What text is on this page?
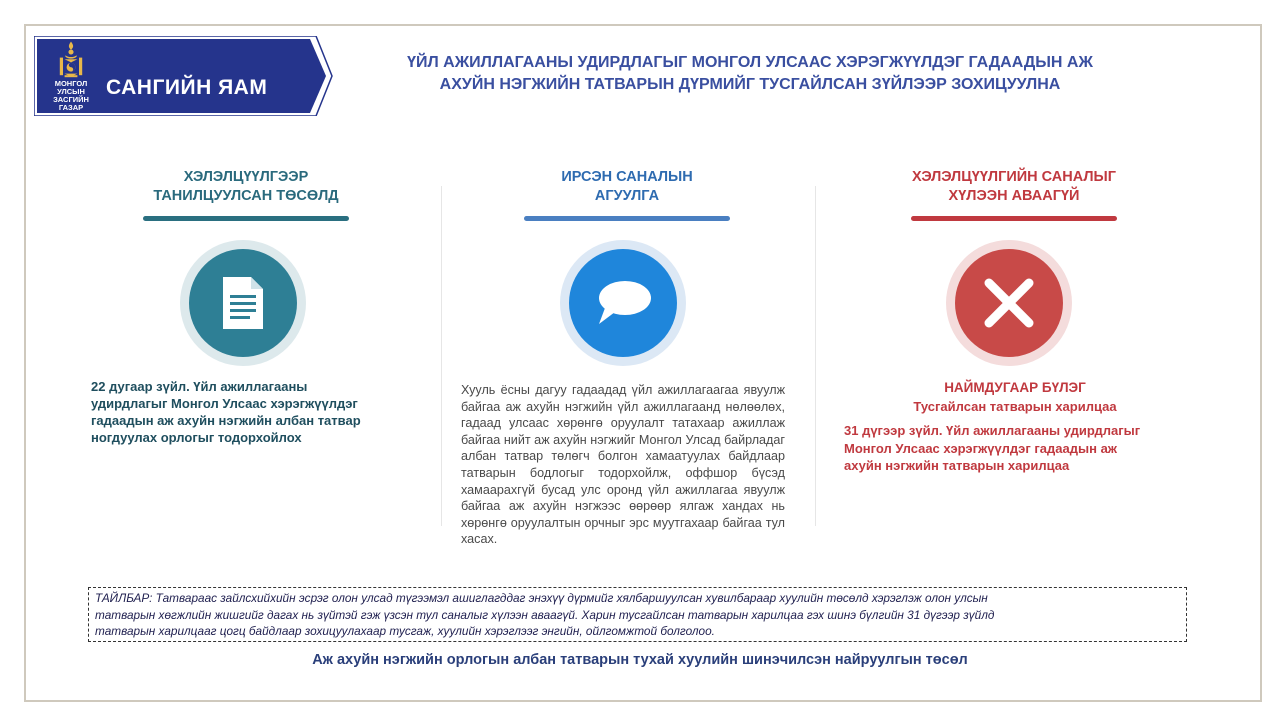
МОНГОЛ УЛСЫН
ЗАСГИЙН ГАЗАР
САНГИЙН ЯАМ
ҮЙЛ АЖИЛЛАГААНЫ УДИРДЛАГЫГ МОНГОЛ УЛСААС ХЭРЭГЖҮҮЛДЭГ ГАДААДЫН АЖ
АХУЙН НЭГЖИЙН ТАТВАРЫН ДҮРМИЙГ ТУСГАЙЛСАН ЗҮЙЛЭЭР ЗОХИЦУУЛНА
ХЭЛЭЛЦҮҮЛГЭЭР
ТАНИЛЦУУЛСАН ТӨСӨЛД
ИРСЭН САНАЛЫН
АГУУЛГА
ХЭЛЭЛЦҮҮЛГИЙН САНАЛЫГ
ХҮЛЭЭН АВААГҮЙ
22 дугаар зүйл. Үйл ажиллагааны
удирдлагыг Монгол Улсаас хэрэгжүүлдэг
гадаадын аж ахуйн нэгжийн албан татвар
ногдуулах орлогыг тодорхойлох
Хууль ёсны дагуу гадаадад үйл ажиллагаагаа явуулж байгаа аж ахуйн нэгжийн үйл ажиллагаанд нөлөөлөх, гадаад улсаас хөрөнгө оруулалт татахаар ажиллаж байгаа нийт аж ахуйн нэгжийг Монгол Улсад байрладаг албан татвар төлөгч болгон хамаатуулах байдлаар татварын бодлогыг тодорхойлж, оффшор бүсэд хамаарахгүй бусад улс оронд үйл ажиллагаа явуулж байгаа аж ахуйн нэгжээс өөрөөр ялгаж хандах нь хөрөнгө оруулалтын орчныг эрс муутгахаар байгаа тул хасах.
НАЙМДУГААР БҮЛЭГ
Тусгайлсан татварын харилцаа
31 дүгээр зүйл. Үйл ажиллагааны удирдлагыг
Монгол Улсаас хэрэгжүүлдэг гадаадын аж
ахуйн нэгжийн татварын харилцаа
ТАЙЛБАР: Татвараас зайлсхийхийн эсрэг олон улсад түгээмэл ашиглагддаг энэхүү дүрмийг хялбаршуулсан хувилбараар хуулийн төсөлд хэрэглэж олон улсын
татварын хөгжлийн жишгийг дагах нь зүйтэй гэж үзсэн тул саналыг хүлээн аваагүй. Харин тусгайлсан татварын харилцаа гэх шинэ бүлгийн 31 дүгээр зүйлд
татварын харилцааг цогц байдлаар зохицуулахаар тусгаж, хуулийн хэрэглээг энгийн, ойлгомжтой болголоо.
Аж ахуйн нэгжийн орлогын албан татварын тухай хуулийн шинэчилсэн найруулгын төсөл
